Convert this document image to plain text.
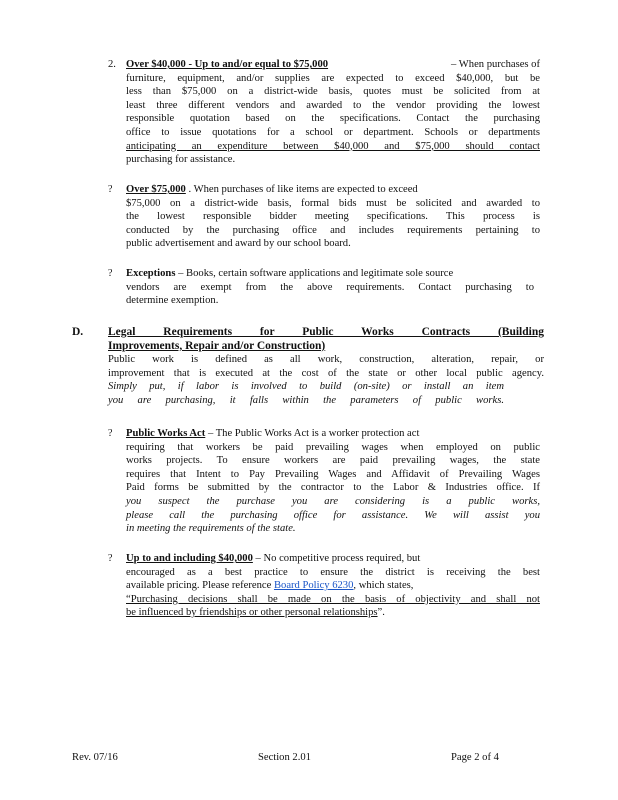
2. Over $40,000 - Up to and/or equal to $75,000	– When purchases of
furniture, equipment, and/or supplies are expected to exceed $40,000, but be
less than $75,000 on a district-wide basis, quotes must be solicited from at
least three different vendors and awarded to the vendor providing the lowest
responsible quotation based on the specifications. Contact the purchasing
office to issue quotations for a school or department. Schools or departments
anticipating an expenditure between $40,000 and $75,000 should contact
purchasing for assistance.
? Over $75,000 . When purchases of like items are expected to exceed
$75,000 on a district-wide basis, formal bids must be solicited and awarded to
the lowest responsible bidder meeting specifications. This process is
conducted by the purchasing office and includes requirements pertaining to
public advertisement and award by our school board.
? Exceptions – Books, certain software applications and legitimate sole source
vendors are exempt from the above requirements. Contact purchasing to
determine exemption.
D. Legal Requirements for Public Works Contracts (Building
Improvements, Repair and/or Construction)
Public work is defined as all work, construction, alteration, repair, or
improvement that is executed at the cost of the state or other local public agency.
Simply put, if labor is involved to build (on-site) or install an item
you are purchasing, it falls within the parameters of public works.
? Public Works Act – The Public Works Act is a worker protection act
requiring that workers be paid prevailing wages when employed on public
works projects. To ensure workers are paid prevailing wages, the state
requires that Intent to Pay Prevailing Wages and Affidavit of Prevailing Wages
Paid forms be submitted by the contractor to the Labor & Industries office. If
you suspect the purchase you are considering is a public works,
please call the purchasing office for assistance. We will assist you
in meeting the requirements of the state.
? Up to and including $40,000 – No competitive process required, but
encouraged as a best practice to ensure the district is receiving the best
available pricing. Please reference Board Policy 6230, which states,
“Purchasing decisions shall be made on the basis of objectivity and shall not
be influenced by friendships or other personal relationships”.
Rev. 07/16	Section 2.01	Page 2 of 4
